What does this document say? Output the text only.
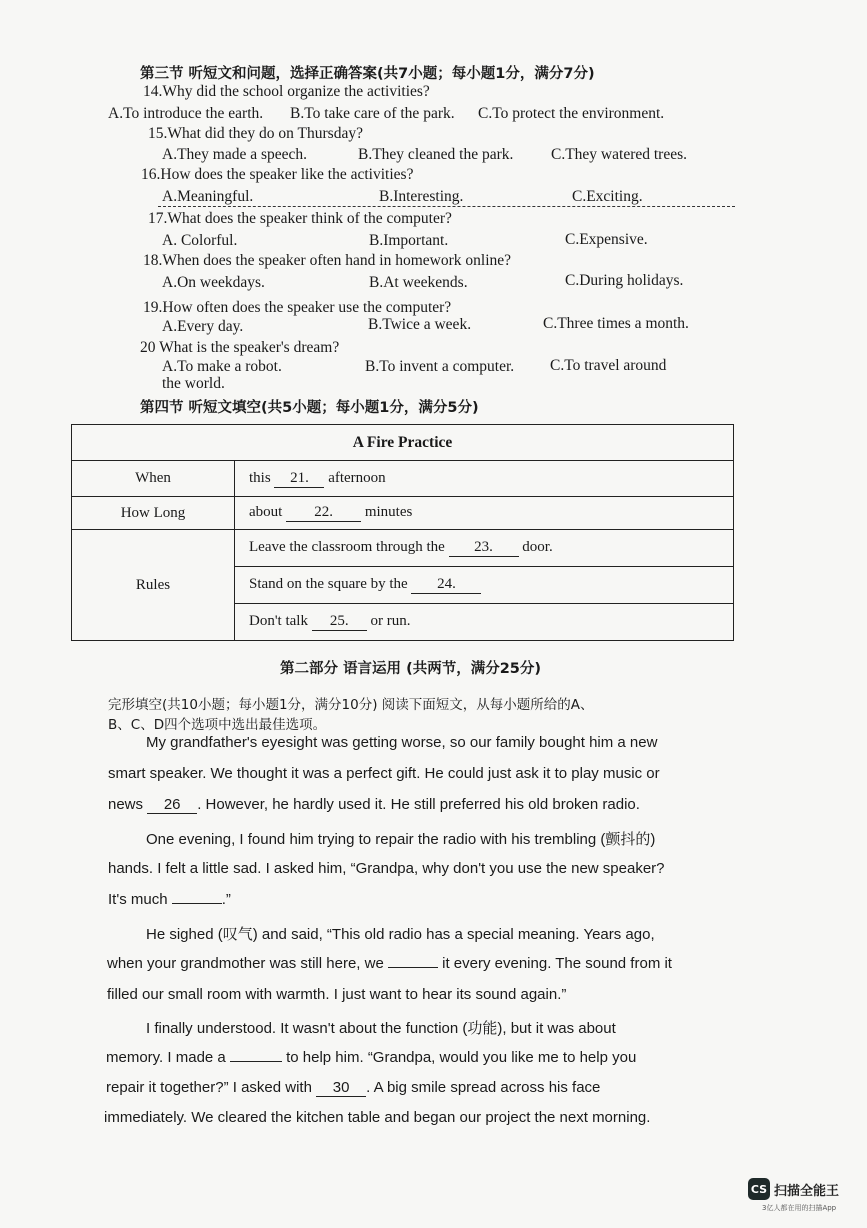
第三节 听短文和问题，选择正确答案(共7小题；每小题1分，满分7分)
14.Why did the school organize the activities?
A.To introduce the earth. B.To take care of the park. C.To protect the environment.
15.What did they do on Thursday?
A.They made a speech.	B.They cleaned the park. C.They watered trees.
16.How does the speaker like the activities?
A.Meaningful.	B.Interesting.	C.Exciting.
17.What does the speaker think of the computer?
A. Colorful.	B.Important.	C.Expensive.
18.When does the speaker often hand in homework online?
A.On weekdays.	B.At weekends.	C.During holidays.
19.How often does the speaker use the computer?
A.Every day.	B.Twice a week.	C.Three times a month.
20 What is the speaker's dream?
A.To make a robot.	B.To invent a computer. C.To travel around
the world.
第四节 听短文填空(共5小题；每小题1分，满分5分)
A Fire Practice	
When	this 21. afternoon
How Long	about 22. minutes
Rules	Leave the classroom through the 23. door.
	Stand on the square by the 24.
	Don't talk 25. or run.
第二部分 语言运用 (共两节，满分25分)
完形填空(共10小题；每小题1分，满分10分) 阅读下面短文，从每小题所给的A、
B、C、D四个选项中选出最佳选项。
My grandfather's eyesight was getting worse, so our family bought him a new
smart speaker. We thought it was a perfect gift. He could just ask it to play music or
news 26 . However, he hardly used it. He still preferred his old broken radio.
One evening, I found him trying to repair the radio with his trembling (颤抖的)
hands. I felt a little sad. I asked him, “Grandpa, why don't you use the new speaker?
It's much	.”
He sighed (叹气) and said, “This old radio has a special meaning. Years ago,
when your grandmother was still here, we	it every evening. The sound from it
filled our small room with warmth. I just want to hear its sound again.”
I finally understood. It wasn't about the function (功能), but it was about
memory. I made a	to help him. “Grandpa, would you like me to help you
repair it together?” I asked with 30 . A big smile spread across his face
immediately. We cleared the kitchen table and began our project the next morning.
CS 扫描全能王
3亿人都在用的扫描App
